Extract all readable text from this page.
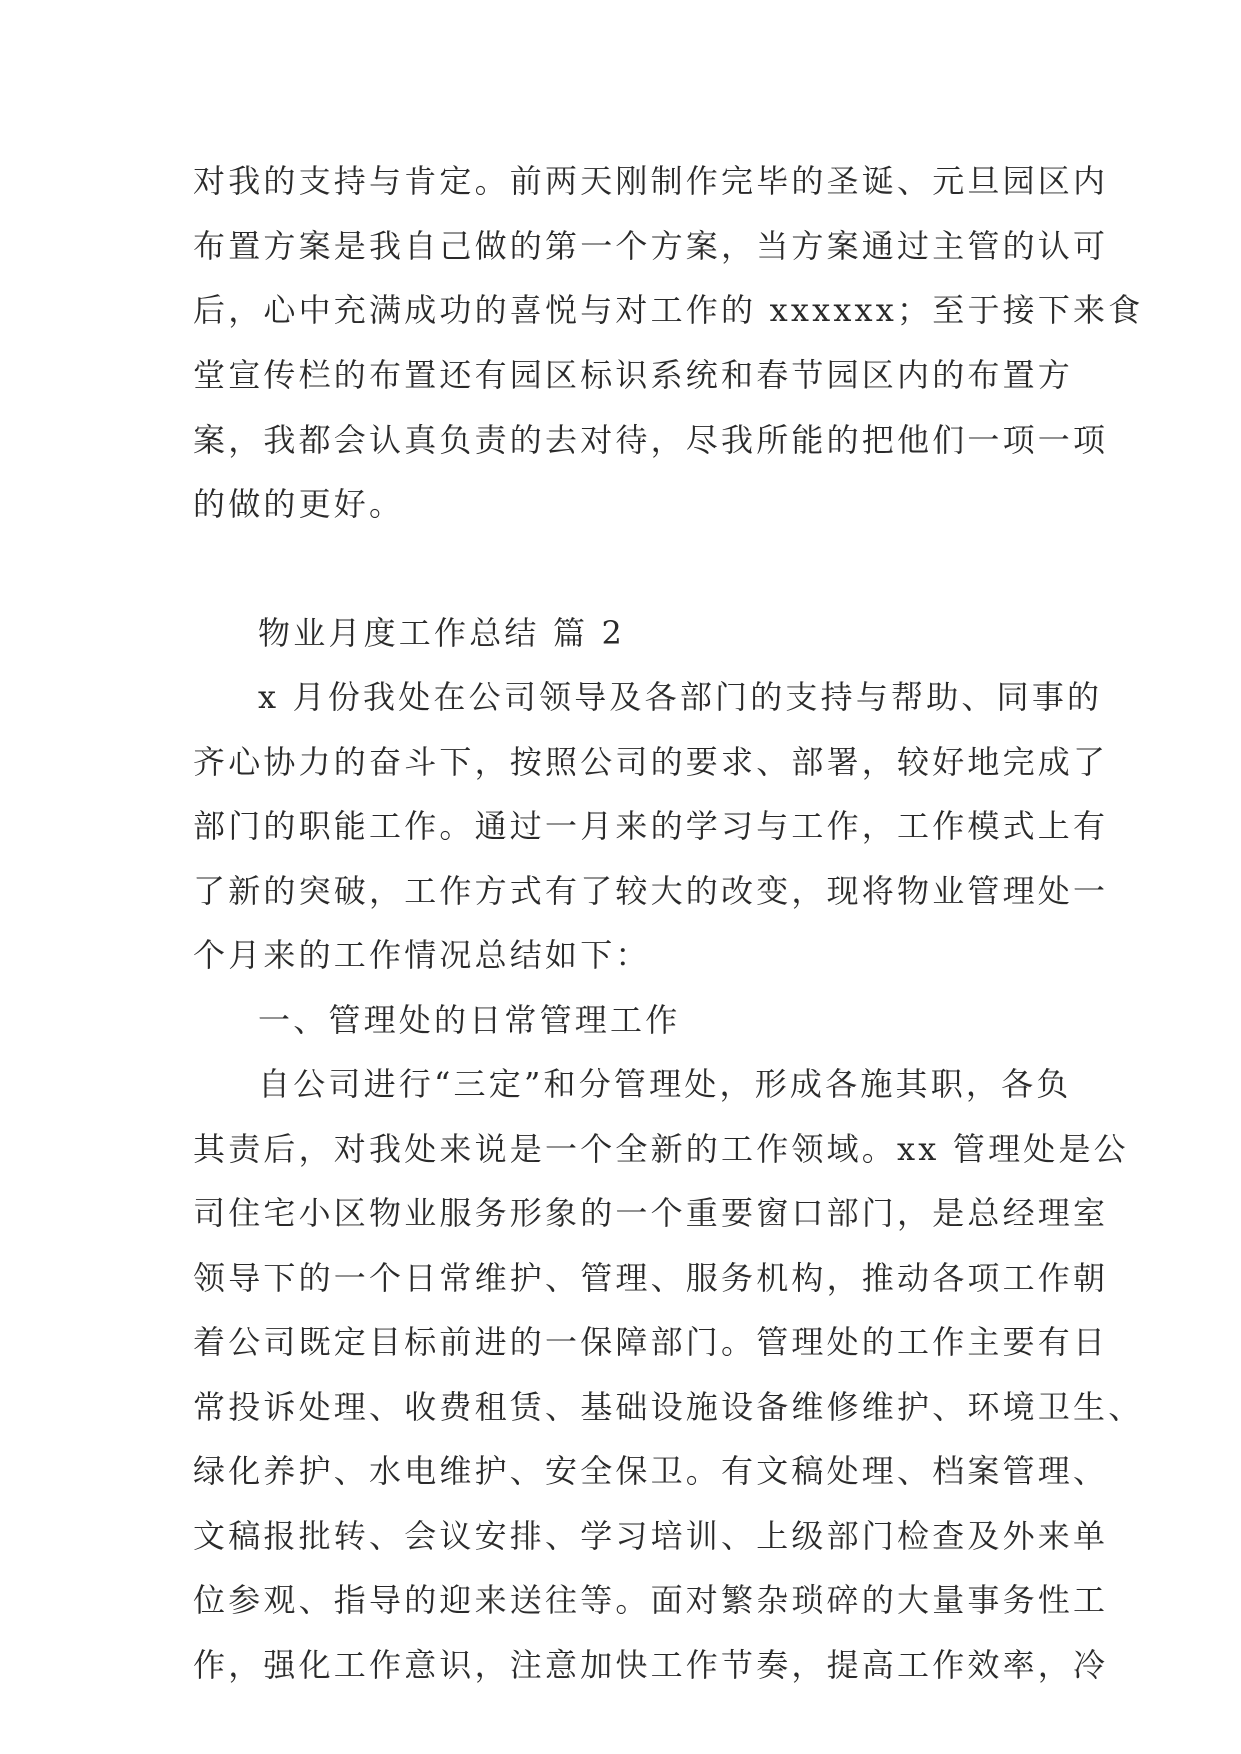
对我的支持与肯定。前两天刚制作完毕的圣诞、元旦园区内
布置方案是我自己做的第一个方案，当方案通过主管的认可
后，心中充满成功的喜悦与对工作的 xxxxxx；至于接下来食
堂宣传栏的布置还有园区标识系统和春节园区内的布置方
案，我都会认真负责的去对待，尽我所能的把他们一项一项
的做的更好。
物业月度工作总结 篇 2
x 月份我处在公司领导及各部门的支持与帮助、同事的
齐心协力的奋斗下，按照公司的要求、部署，较好地完成了
部门的职能工作。通过一月来的学习与工作，工作模式上有
了新的突破，工作方式有了较大的改变，现将物业管理处一
个月来的工作情况总结如下：
一、管理处的日常管理工作
自公司进行“三定”和分管理处，形成各施其职，各负
其责后，对我处来说是一个全新的工作领域。xx 管理处是公
司住宅小区物业服务形象的一个重要窗口部门，是总经理室
领导下的一个日常维护、管理、服务机构，推动各项工作朝
着公司既定目标前进的一保障部门。管理处的工作主要有日
常投诉处理、收费租赁、基础设施设备维修维护、环境卫生、
绿化养护、水电维护、安全保卫。有文稿处理、档案管理、
文稿报批转、会议安排、学习培训、上级部门检查及外来单
位参观、指导的迎来送往等。面对繁杂琐碎的大量事务性工
作，强化工作意识，注意加快工作节奏，提高工作效率，冷
